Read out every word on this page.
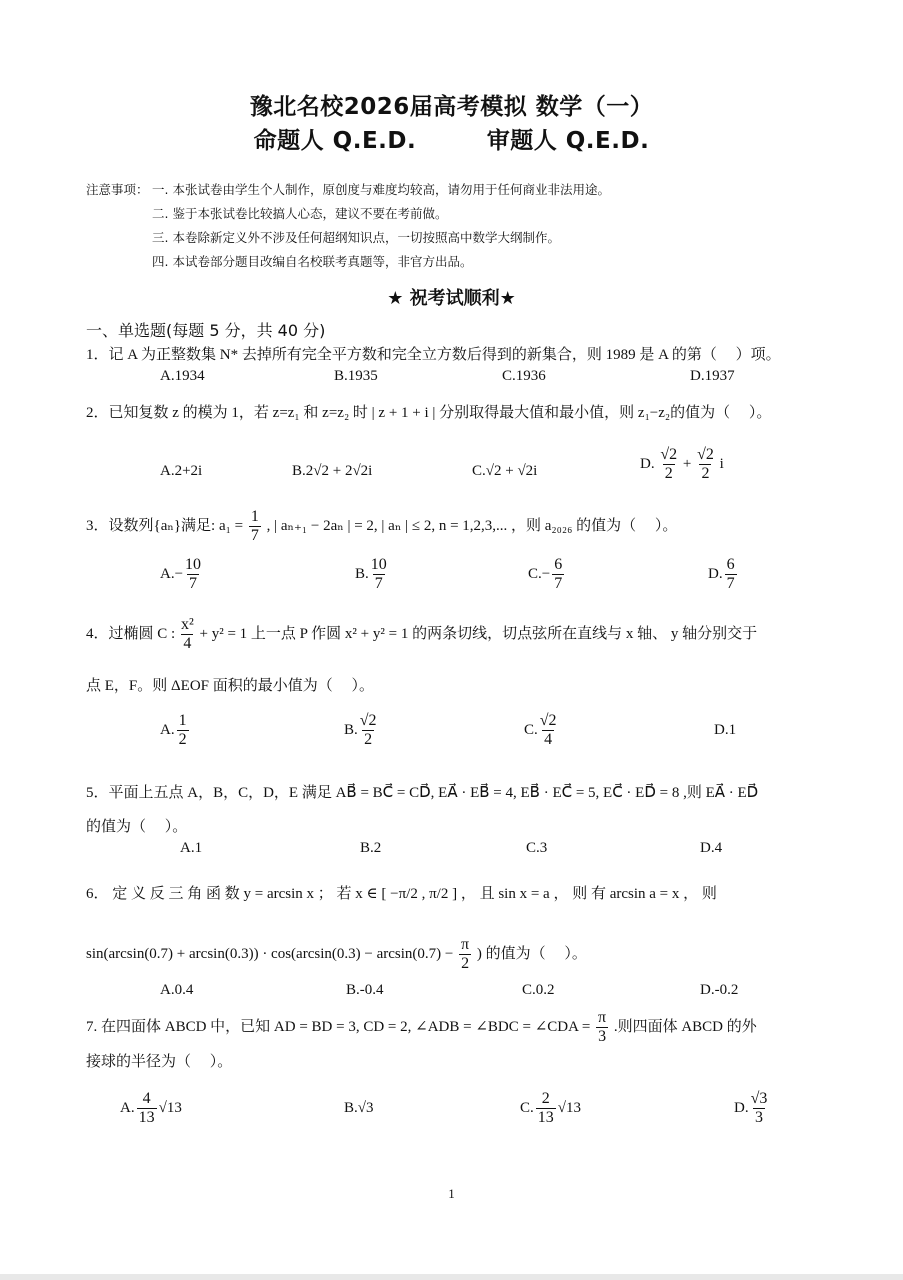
豫北名校2026届高考模拟 数学（一）
命题人 Q.E.D.　　　审题人 Q.E.D.
注意事项： 一. 本张试卷由学生个人制作，原创度与难度均较高，请勿用于任何商业非法用途。
二. 鉴于本张试卷比较搞人心态，建议不要在考前做。
三. 本卷除新定义外不涉及任何超纲知识点，一切按照高中数学大纲制作。
四. 本试卷部分题目改编自名校联考真题等，非官方出品。
★ 祝考试顺利★
一、单选题(每题 5 分，共 40 分)
1．记 A 为正整数集 N* 去掉所有完全平方数和完全立方数后得到的新集合，则 1989 是 A 的第（　 ）项。
A.1934	B.1935	C.1936	D.1937
2．已知复数 z 的模为 1，若 z=z₁ 和 z=z₂ 时 | z + 1 + i | 分别取得最大值和最小值，则 z₁−z₂的值为（　 ）。
A.2+2i	B.2√2 + 2√2i	C.√2 + √2i	D. $\frac{√2}{2} + \frac{√2}{2}$ i
3．设数列{aₙ}满足: $a_1 = \frac{1}{7}$ , | aₙ₊₁ − 2aₙ | = 2, | aₙ | ≤ 2, n = 1,2,3,... ，则 a₂₀₂₆ 的值为（　 ）。
$A.- \frac{10}{7}$	B. $\frac{10}{7}$	$C.- \frac{6}{7}$	D. $\frac{6}{7}$
4．过椭圆 C : $\frac{\text{x²}}{4} + y^2 = 1$ 上一点 P 作圆 x² + y² = 1 的两条切线，切点弦所在直线与 x 轴、 y 轴分别交于
点 E，F。则 ΔEOF 面积的最小值为（　 ）。
A. $\frac{1}{2}$	B. $\frac{√2}{2}$	C. $\frac{√2}{4}$	D.1
5．平面上五点 A，B，C，D，E 满足 AB⃗ = BC⃗ = CD⃗, EA⃗ · EB⃗ = 4, EB⃗ · EC⃗ = 5, EC⃗ · ED⃗ = 8 ,则 EA⃗ · ED⃗
的值为（　 ）。
A.1	B.2	C.3	D.4
6． 定 义 反 三 角 函 数 y = arcsin x ； 若 x ∈ [ −π/2 , π/2 ] ， 且 sin x = a ， 则 有 arcsin a = x ， 则
$\sin(\arcsin(0.7) + \arcsin(0.3)) \cdot \cos(\arcsin(0.3) - \arcsin(0.7) - \frac{\pi}{2}$ ) 的值为（　 ）。
A.0.4	B.-0.4	C.0.2	D.-0.2
7. 在四面体 ABCD 中，已知 AD = BD = 3, CD = 2, ∠ADB = ∠BDC = ∠CDA = $\frac{\pi}{3}$ .则四面体 ABCD 的外
接球的半径为（　 ）。
A. $\frac{4}{13} √13$	B.√3	C. $\frac{2}{13} √13$	D. $\frac{√3}{3}$
1
